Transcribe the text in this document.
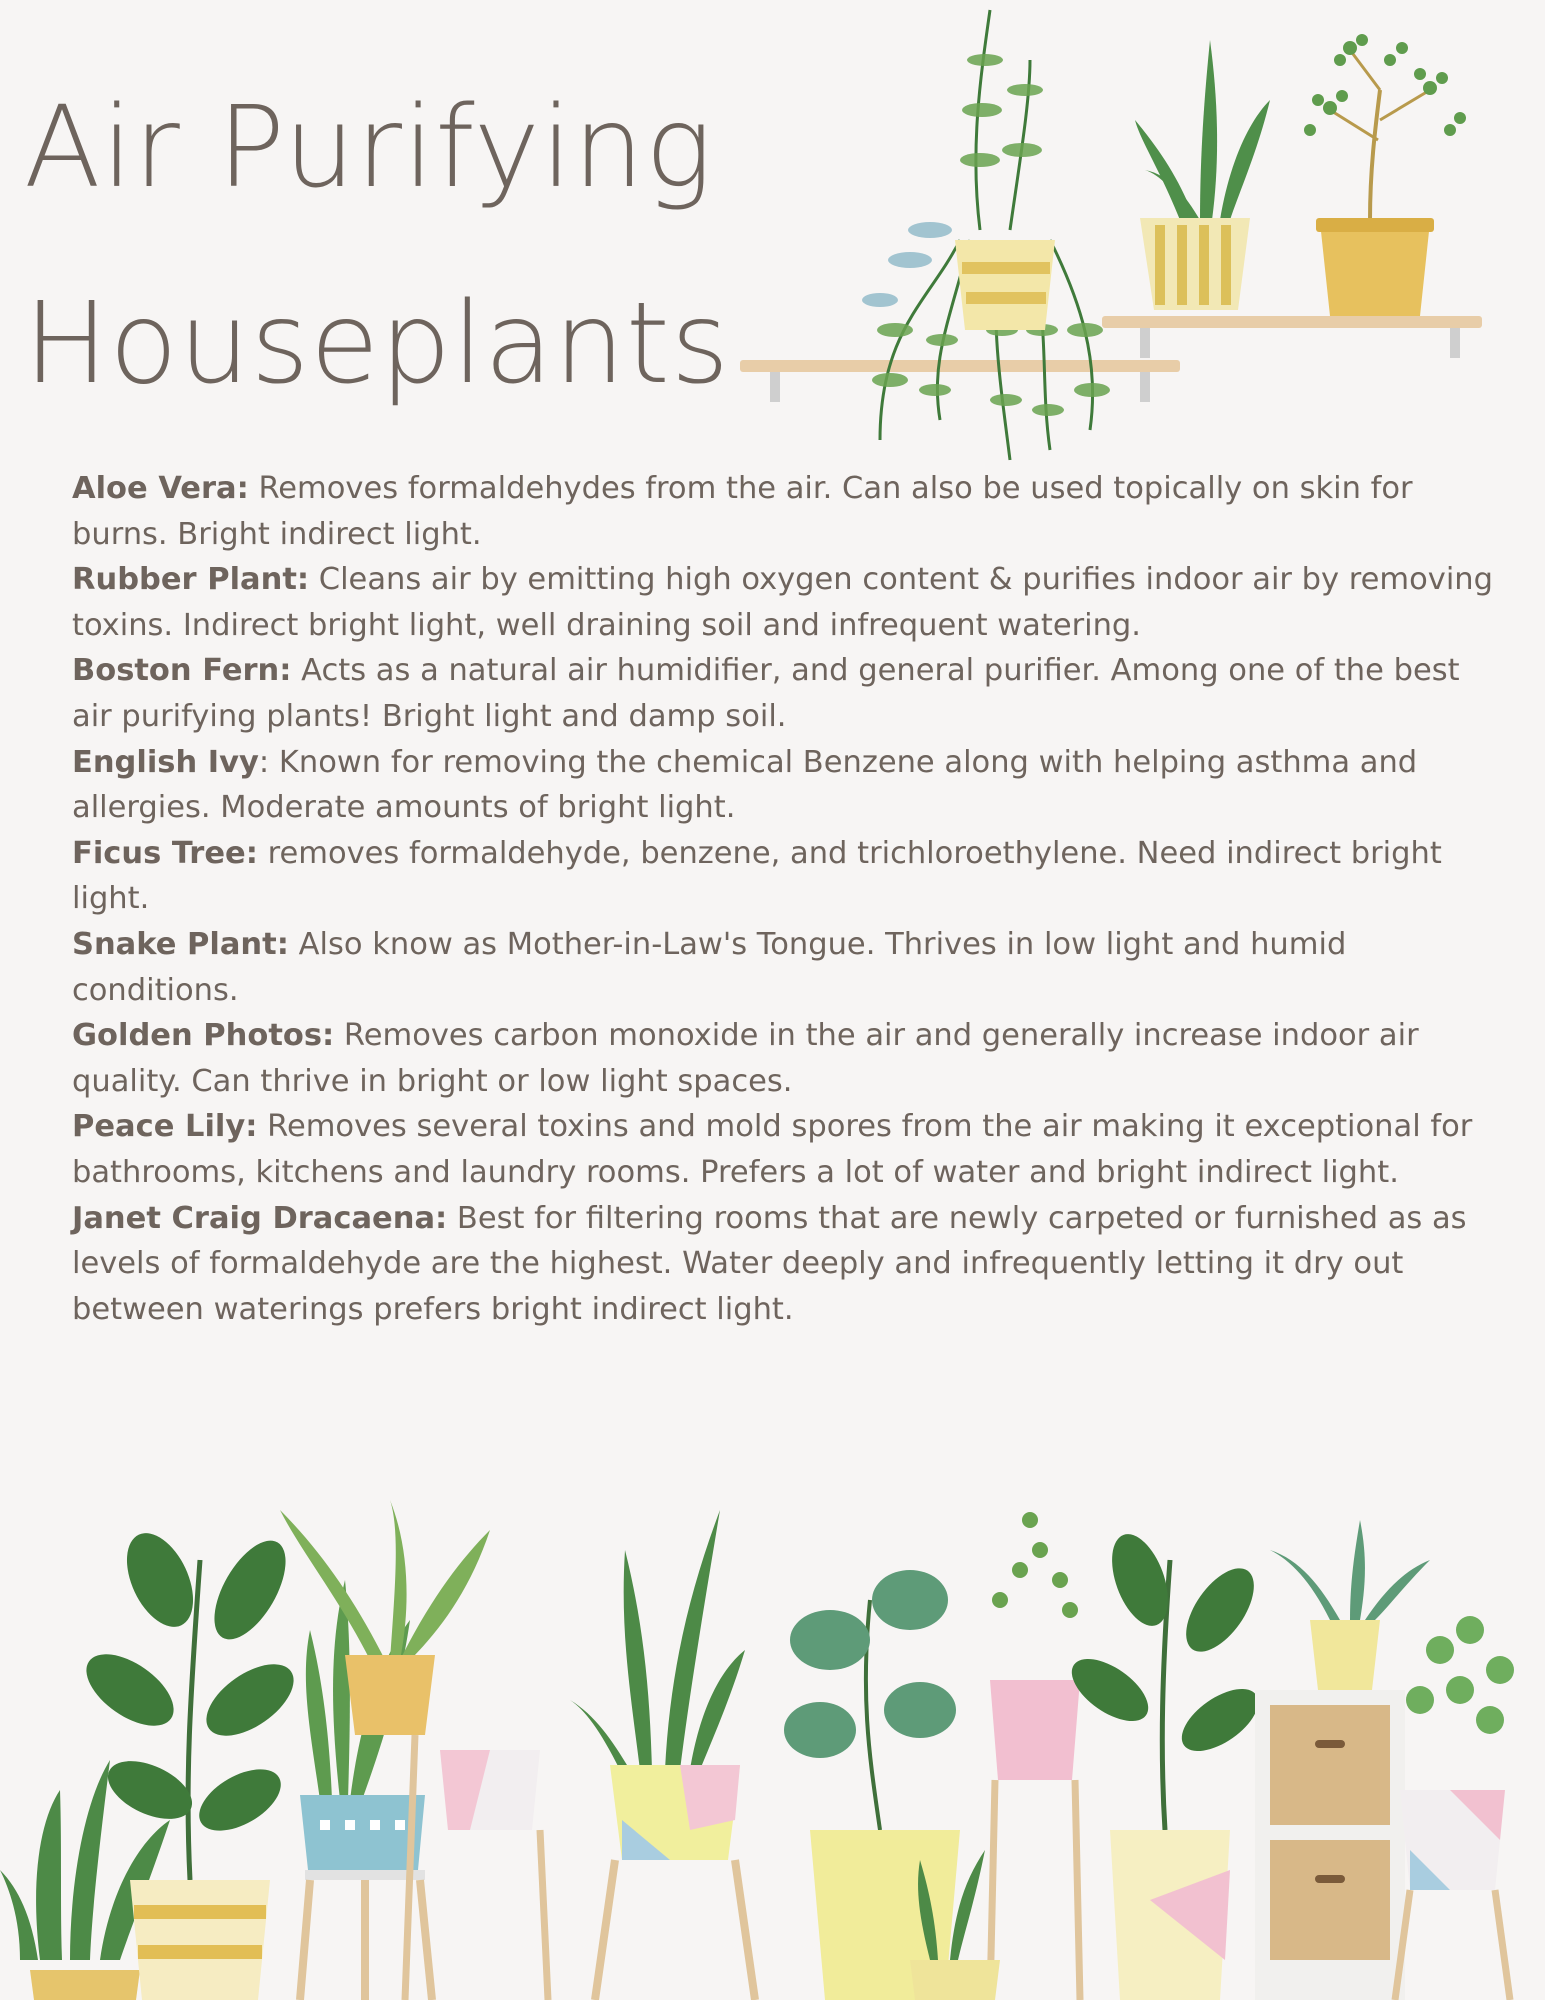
Air Purifying
Houseplants

Aloe Vera: Removes formaldehydes from the air. Can also be used topically on skin for burns. Bright indirect light.

Rubber Plant: Cleans air by emitting high oxygen content & purifies indoor air by removing toxins. Indirect bright light, well draining soil and infrequent watering.

Boston Fern: Acts as a natural air humidifier, and general purifier. Among one of the best air purifying plants! Bright light and damp soil.

English Ivy: Known for removing the chemical Benzene along with helping asthma and allergies. Moderate amounts of bright light.

Ficus Tree: removes formaldehyde, benzene, and trichloroethylene. Need indirect bright light.

Snake Plant: Also know as Mother-in-Law's Tongue. Thrives in low light and humid conditions.

Golden Photos: Removes carbon monoxide in the air and generally increase indoor air quality. Can thrive in bright or low light spaces.

Peace Lily: Removes several toxins and mold spores from the air making it exceptional for bathrooms, kitchens and laundry rooms. Prefers a lot of water and bright indirect light.

Janet Craig Dracaena: Best for filtering rooms that are newly carpeted or furnished as as levels of formaldehyde are the highest. Water deeply and infrequently letting it dry out between waterings prefers bright indirect light.
